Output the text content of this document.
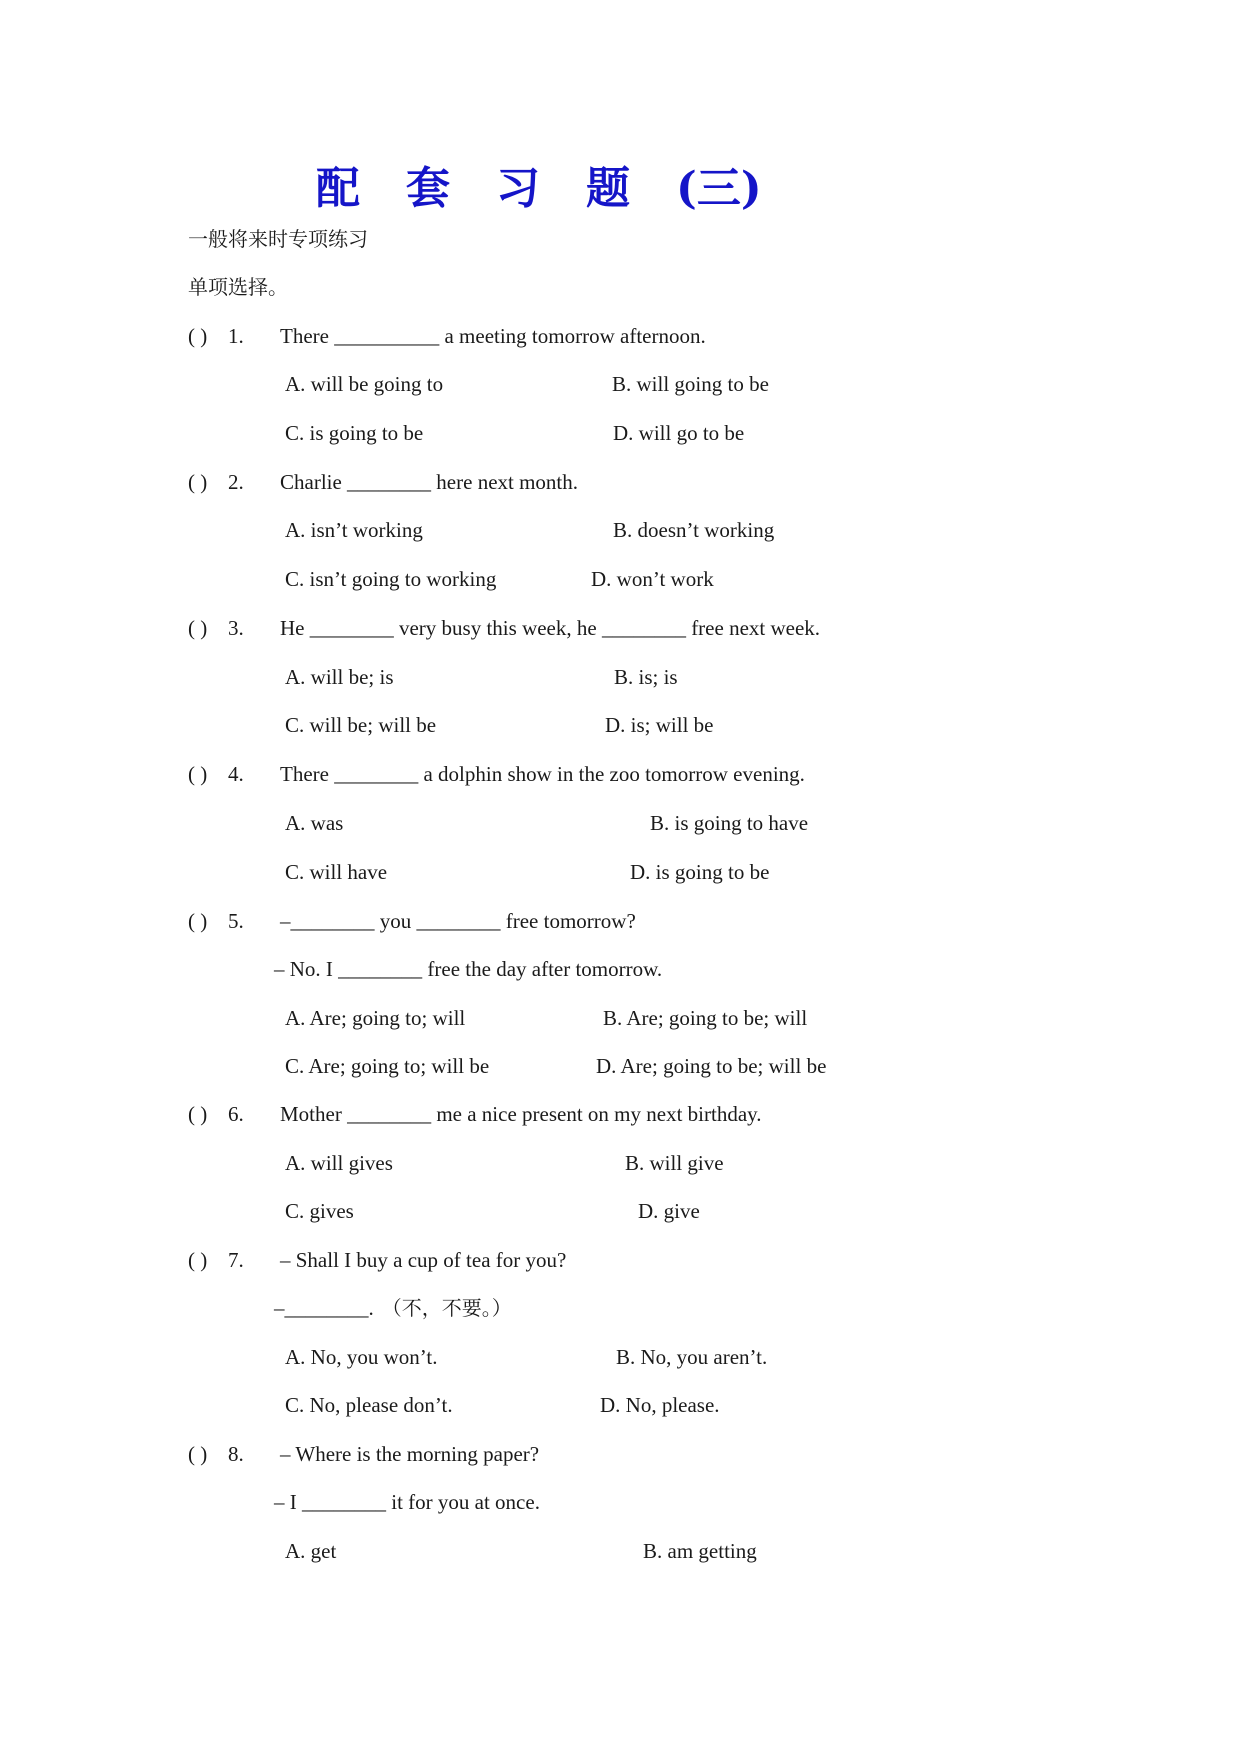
配 套 习 题 (三)
一般将来时专项练习
单项选择。
( ) 1. There __________ a meeting tomorrow afternoon.
A. will be going to	B. will going to be
C. is going to be	D. will go to be
( ) 2. Charlie ________ here next month.
A. isn’t working	B. doesn’t working
C. isn’t going to working	D. won’t work
( ) 3. He ________ very busy this week, he ________ free next week.
A. will be; is	B. is; is
C. will be; will be	D. is; will be
( ) 4. There ________ a dolphin show in the zoo tomorrow evening.
A. was	B. is going to have
C. will have	D. is going to be
( ) 5. –________ you ________ free tomorrow?
– No. I ________ free the day after tomorrow.
A. Are; going to; will	B. Are; going to be; will
C. Are; going to; will be	D. Are; going to be; will be
( ) 6. Mother ________ me a nice present on my next birthday.
A. will gives	B. will give
C. gives	D. give
( ) 7. – Shall I buy a cup of tea for you?
–________. （不，不要。）
A. No, you won’t.	B. No, you aren’t.
C. No, please don’t.	D. No, please.
( ) 8. – Where is the morning paper?
– I ________ it for you at once.
A. get	B. am getting
